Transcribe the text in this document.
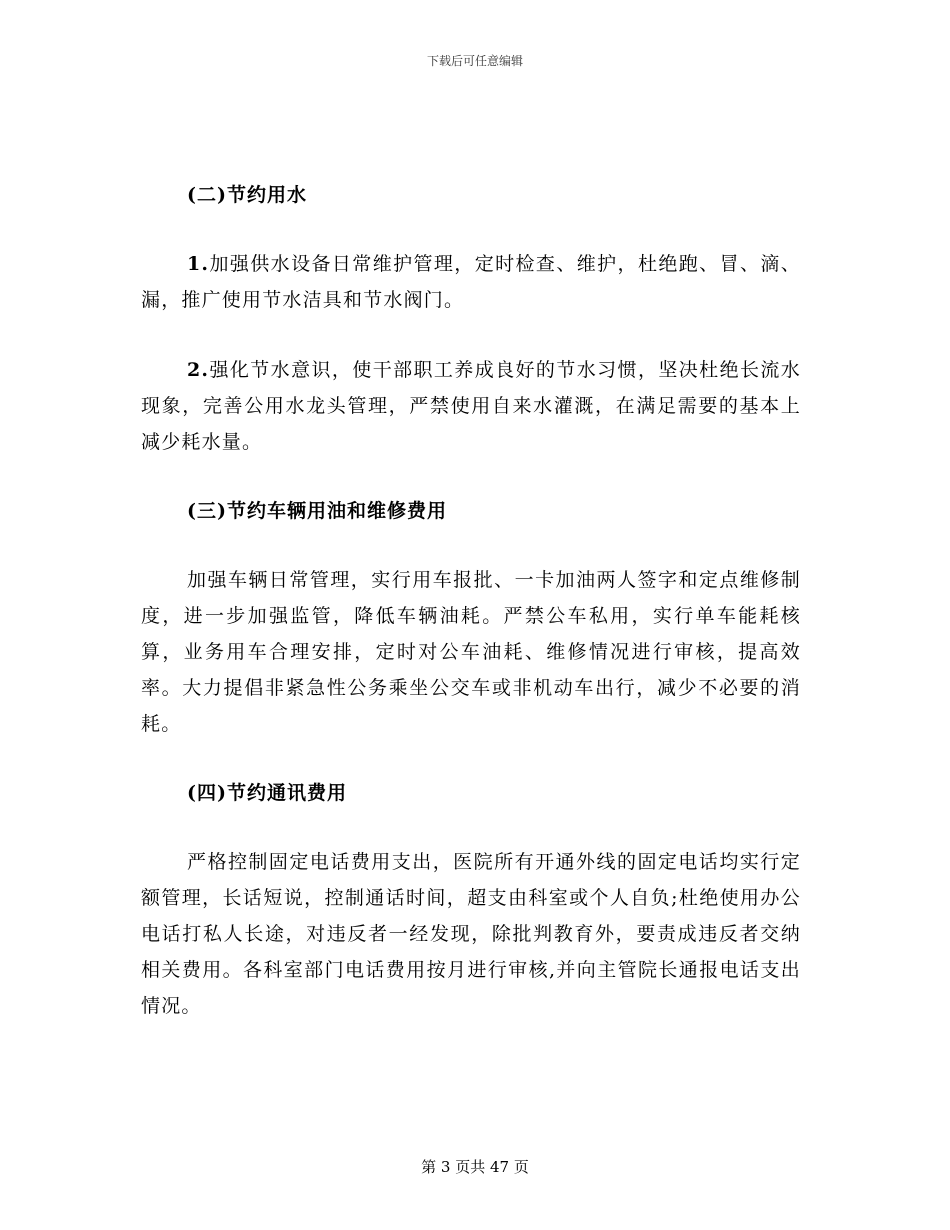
下载后可任意编辑
(二)节约用水

1.加强供水设备日常维护管理，定时检查、维护，杜绝跑、冒、滴、漏，推广使用节水洁具和节水阀门。

2.强化节水意识，使干部职工养成良好的节水习惯，坚决杜绝长流水现象，完善公用水龙头管理，严禁使用自来水灌溉，在满足需要的基本上减少耗水量。

(三)节约车辆用油和维修费用

加强车辆日常管理，实行用车报批、一卡加油两人签字和定点维修制度，进一步加强监管，降低车辆油耗。严禁公车私用，实行单车能耗核算，业务用车合理安排，定时对公车油耗、维修情况进行审核，提高效率。大力提倡非紧急性公务乘坐公交车或非机动车出行，减少不必要的消耗。

(四)节约通讯费用

严格控制固定电话费用支出，医院所有开通外线的固定电话均实行定额管理，长话短说，控制通话时间，超支由科室或个人自负;杜绝使用办公电话打私人长途，对违反者一经发现，除批判教育外，要责成违反者交纳相关费用。各科室部门电话费用按月进行审核,并向主管院长通报电话支出情况。

第 3 页共 47 页
